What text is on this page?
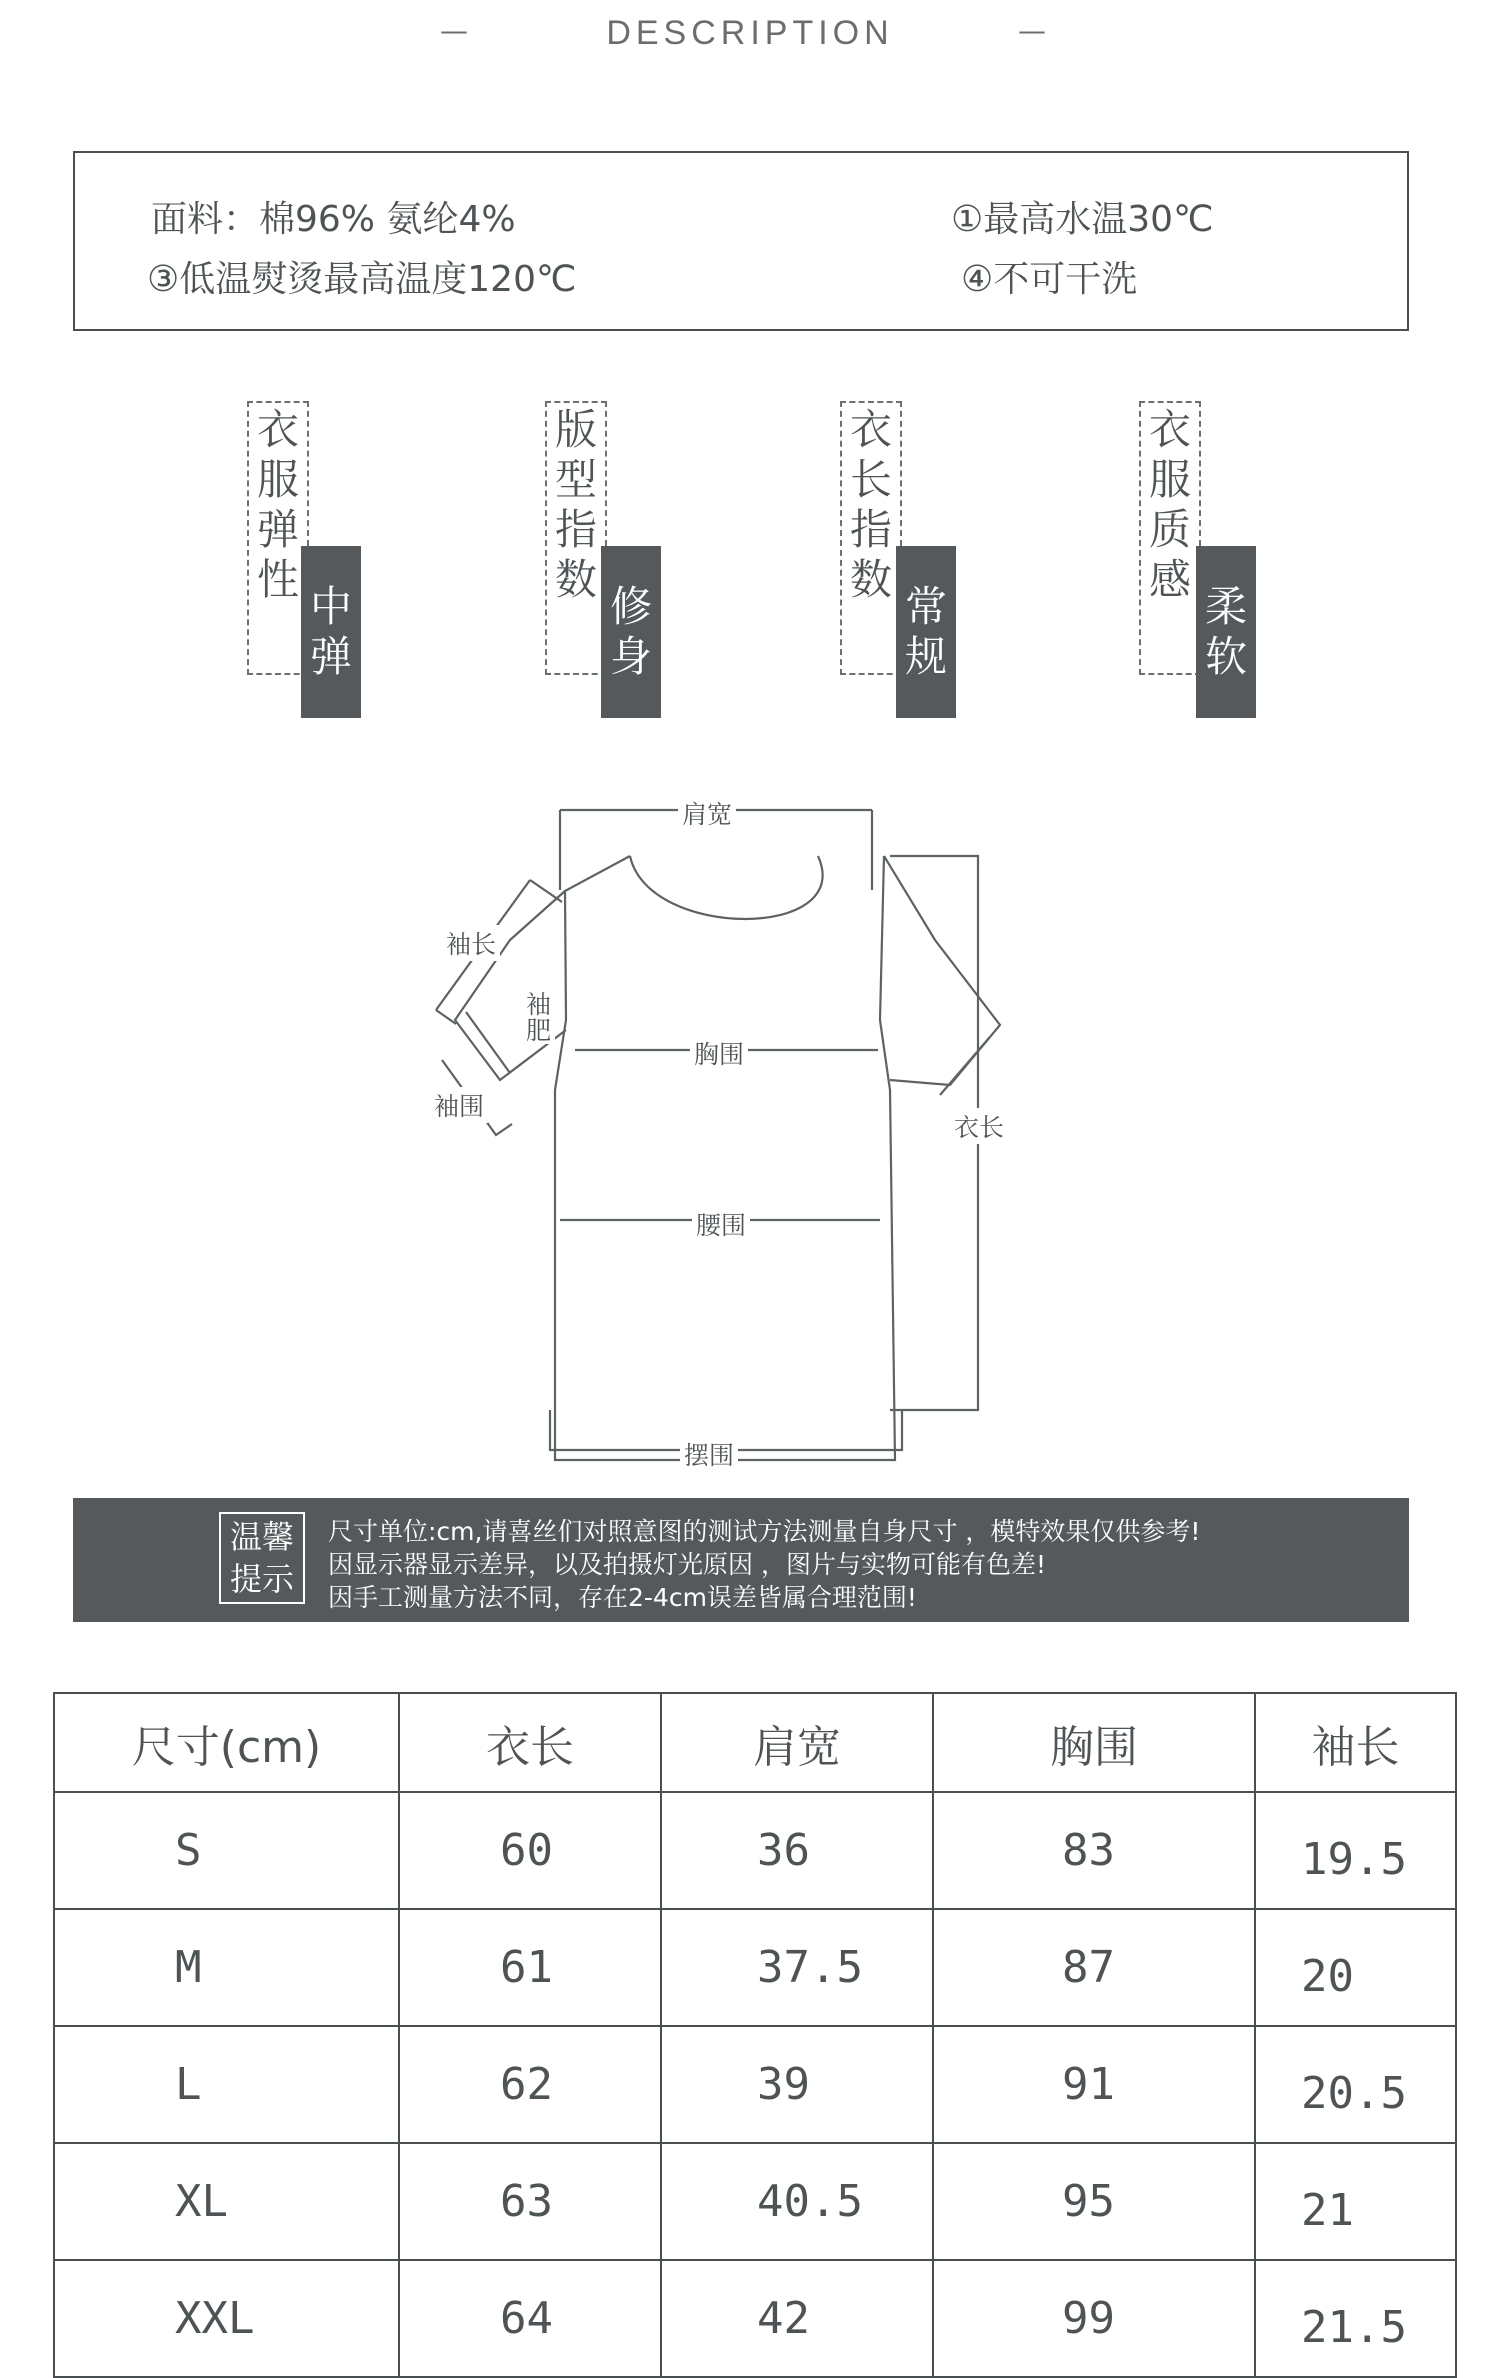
—	DESCRIPTION	—
面料：棉96% 氨纶4%	①最高水温30℃
③低温熨烫最高温度120℃	④不可干洗
衣
服
弹
性
中
弹
版
型
指
数
修
身
衣
长
指
数
常
规
衣
服
质
感
柔
软
肩宽
袖长
袖
肥
袖围
胸围
衣长
腰围
摆围
温馨
提示
尺寸单位:cm,请喜丝们对照意图的测试方法测量自身尺寸 ，模特效果仅供参考!
因显示器显示差异，以及拍摄灯光原因 ，图片与实物可能有色差!
因手工测量方法不同，存在2-4cm误差皆属合理范围!
尺寸(cm)	衣长	肩宽	胸围	袖长
S	60	36	83	19.5
M	61	37.5	87	20
L	62	39	91	20.5
XL	63	40.5	95	21
XXL	64	42	99	21.5
